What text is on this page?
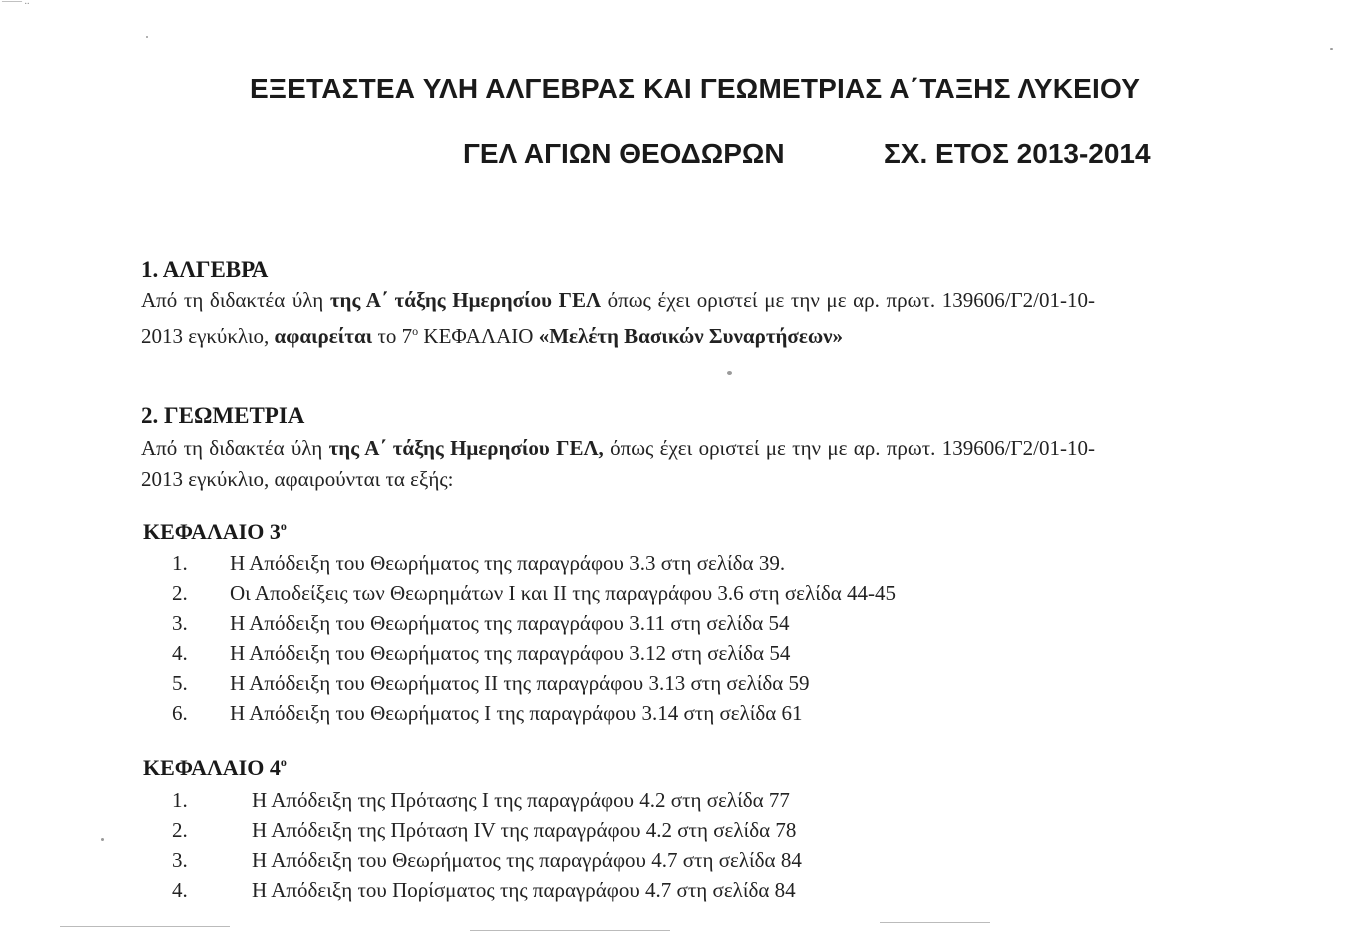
—— ..
ΕΞΕΤΑΣΤΕΑ ΥΛΗ ΑΛΓΕΒΡΑΣ ΚΑΙ ΓΕΩΜΕΤΡΙΑΣ Α΄ΤΑΞΗΣ ΛΥΚΕΙΟΥ
ΓΕΛ ΑΓΙΩΝ ΘΕΟΔΩΡΩΝ	ΣΧ. ΕΤΟΣ 2013-2014
1. ΑΛΓΕΒΡΑ
Από τη διδακτέα ύλη της Α΄ τάξης Ημερησίου ΓΕΛ όπως έχει οριστεί με την με αρ. πρωτ. 139606/Γ2/01-10-2013 εγκύκλιο, αφαιρείται το $7^o$ ΚΕΦΑΛΑΙΟ «Μελέτη Βασικών Συναρτήσεων»
2. ΓΕΩΜΕΤΡΙΑ
Από τη διδακτέα ύλη της Α΄ τάξης Ημερησίου ΓΕΛ, όπως έχει οριστεί με την με αρ. πρωτ. 139606/Γ2/01-10-2013 εγκύκλιο, αφαιρούνται τα εξής:
ΚΕΦΑΛΑΙΟ $3^o$
1. Η Απόδειξη του Θεωρήματος της παραγράφου 3.3 στη σελίδα 39.
2. Οι Αποδείξεις των Θεωρημάτων Ι και ΙΙ της παραγράφου 3.6 στη σελίδα 44-45
3. Η Απόδειξη του Θεωρήματος της παραγράφου 3.11 στη σελίδα 54
4. Η Απόδειξη του Θεωρήματος της παραγράφου 3.12 στη σελίδα 54
5. Η Απόδειξη του Θεωρήματος ΙΙ της παραγράφου 3.13 στη σελίδα 59
6. Η Απόδειξη του Θεωρήματος Ι της παραγράφου 3.14 στη σελίδα 61
ΚΕΦΑΛΑΙΟ $4^o$
1.	Η Απόδειξη της Πρότασης Ι της παραγράφου 4.2 στη σελίδα 77
2.	Η Απόδειξη της Πρόταση ΙV της παραγράφου 4.2 στη σελίδα 78
3.	Η Απόδειξη του Θεωρήματος της παραγράφου 4.7 στη σελίδα 84
4.	Η Απόδειξη του Πορίσματος της παραγράφου 4.7 στη σελίδα 84
